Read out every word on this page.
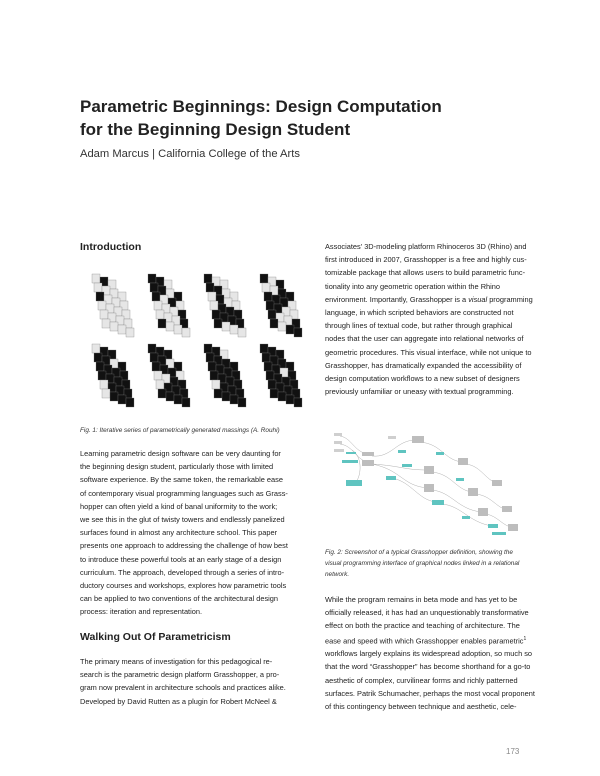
Parametric Beginnings: Design Computation
for the Beginning Design Student
Adam Marcus | California College of the Arts
Introduction
Fig. 1: Iterative series of parametrically generated massings (A. Rouhi)
Learning parametric design software can be very daunting for
the beginning design student, particularly those with limited
software experience. By the same token, the remarkable ease
of contemporary visual programming languages such as Grass-
hopper can often yield a kind of banal uniformity to the work;
we see this in the glut of twisty towers and endlessly panelized
surfaces found in almost any architecture school. This paper
presents one approach to addressing the challenge of how best
to introduce these powerful tools at an early stage of a design
curriculum. The approach, developed through a series of intro-
ductory courses and workshops, explores how parametric tools
can be applied to two conventions of the architectural design
process: iteration and representation.
Walking Out Of Parametricism
The primary means of investigation for this pedagogical re-
search is the parametric design platform Grasshopper, a pro-
gram now prevalent in architecture schools and practices alike.
Developed by David Rutten as a plugin for Robert McNeel &
Associates' 3D-modeling platform Rhinoceros 3D (Rhino) and
first introduced in 2007, Grasshopper is a free and highly cus-
tomizable package that allows users to build parametric func-
tionality into any geometric operation within the Rhino
environment. Importantly, Grasshopper is a visual programming
language, in which scripted behaviors are constructed not
through lines of textual code, but rather through graphical
nodes that the user can aggregate into relational networks of
geometric procedures. This visual interface, while not unique to
Grasshopper, has dramatically expanded the accessibility of
design computation workflows to a new subset of designers
previously unfamiliar or uneasy with textual programming.
Fig. 2: Screenshot of a typical Grasshopper definition, showing the
visual programming interface of graphical nodes linked in a relational
network.
While the program remains in beta mode and has yet to be
officially released, it has had an unquestionably transformative
effect on both the practice and teaching of architecture. The
ease and speed with which Grasshopper enables parametric$^1$
workflows largely explains its widespread adoption, so much so
that the word “Grasshopper” has become shorthand for a go-to
aesthetic of complex, curvilinear forms and richly patterned
surfaces. Patrik Schumacher, perhaps the most vocal proponent
of this contingency between technique and aesthetic, cele-
173
